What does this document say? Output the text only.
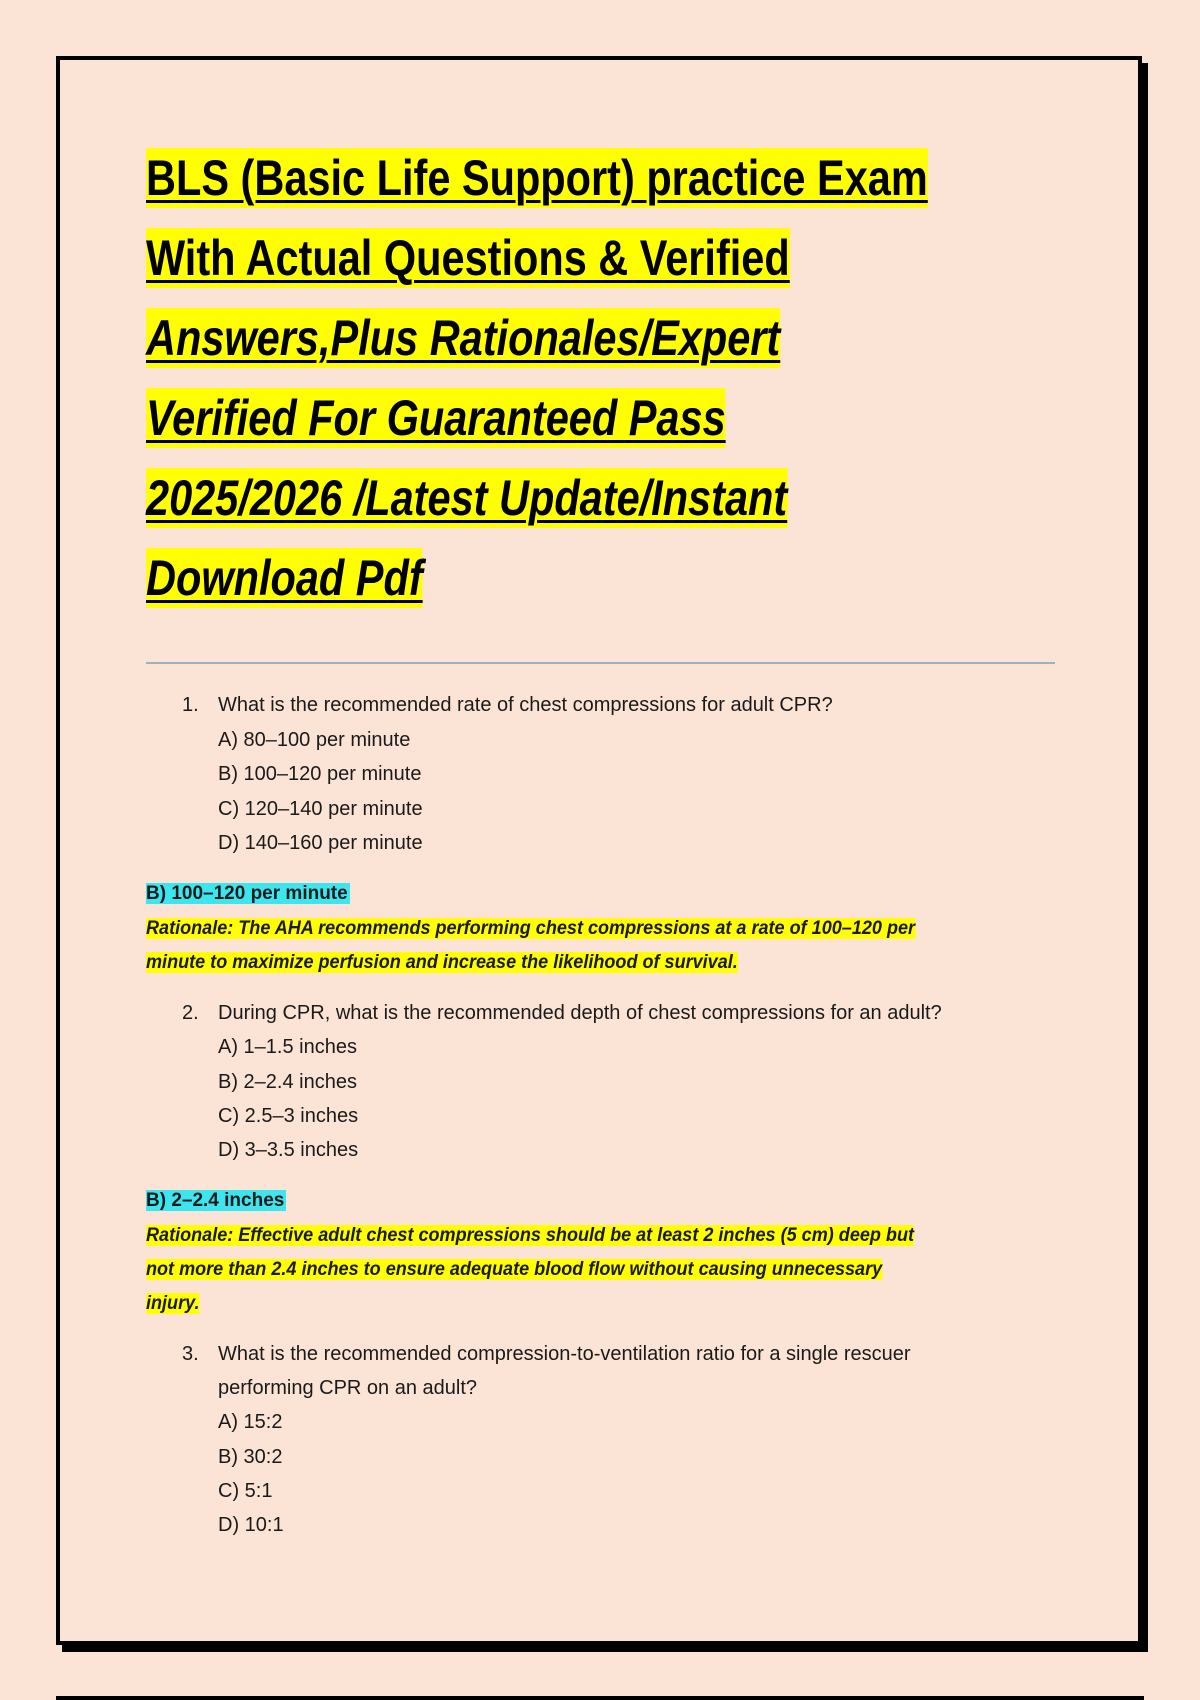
BLS (Basic Life Support) practice Exam
With Actual Questions & Verified
Answers,Plus Rationales/Expert
Verified For Guaranteed Pass
2025/2026 /Latest Update/Instant
Download Pdf
1. What is the recommended rate of chest compressions for adult CPR?
A) 80–100 per minute
B) 100–120 per minute
C) 120–140 per minute
D) 140–160 per minute
B) 100–120 per minute
Rationale: The AHA recommends performing chest compressions at a rate of 100–120 per
minute to maximize perfusion and increase the likelihood of survival.
2. During CPR, what is the recommended depth of chest compressions for an adult?
A) 1–1.5 inches
B) 2–2.4 inches
C) 2.5–3 inches
D) 3–3.5 inches
B) 2–2.4 inches
Rationale: Effective adult chest compressions should be at least 2 inches (5 cm) deep but
not more than 2.4 inches to ensure adequate blood flow without causing unnecessary
injury.
3. What is the recommended compression-to-ventilation ratio for a single rescuer
performing CPR on an adult?
A) 15:2
B) 30:2
C) 5:1
D) 10:1
